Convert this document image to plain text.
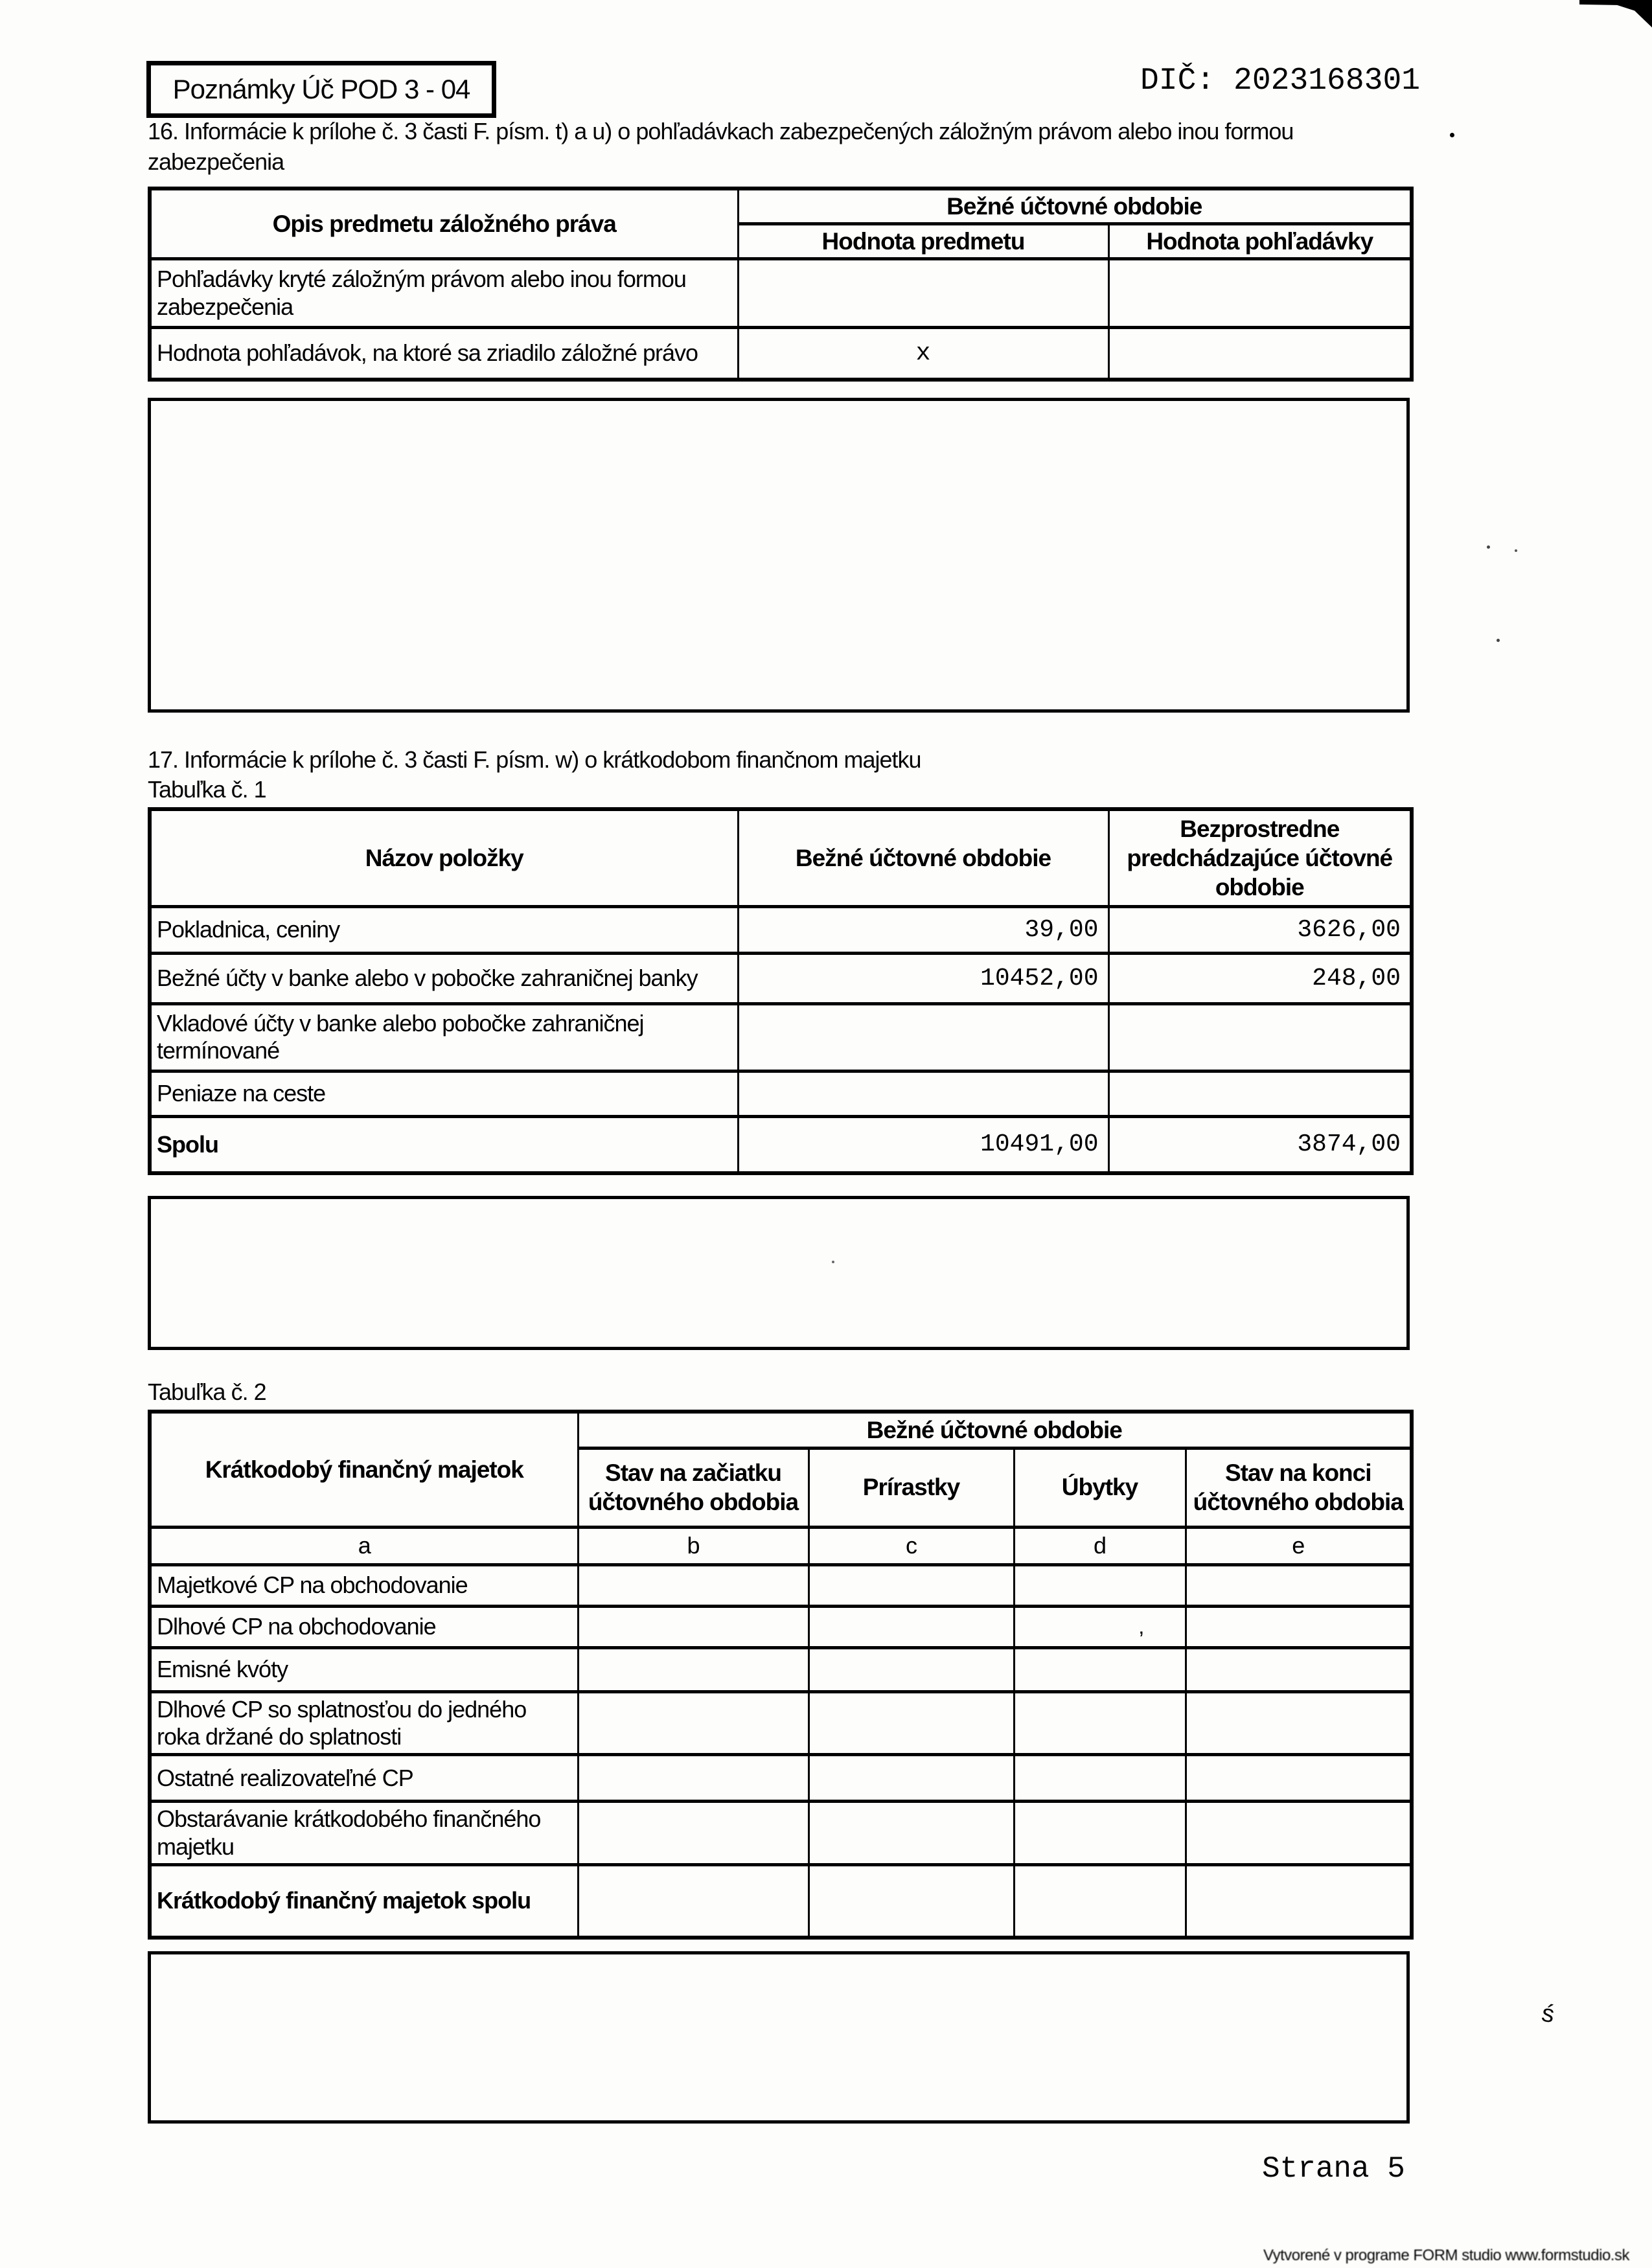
’
ś
Poznámky Úč POD 3 - 04	DIČ: 2023168301
16. Informácie k prílohe č. 3 časti F. písm. t) a u) o pohľadávkach zabezpečených záložným právom alebo inou formou zabezpečenia
Opis predmetu záložného práva	Bežné účtovné obdobie	
	Hodnota predmetu	Hodnota pohľadávky
Pohľadávky kryté záložným právom alebo inou formou zabezpečenia		
Hodnota pohľadávok, na ktoré sa zriadilo záložné právo	x	
17. Informácie k prílohe č. 3 časti F. písm. w) o krátkodobom finančnom majetku
Tabuľka č. 1
Názov položky	Bežné účtovné obdobie	Bezprostredne predchádzajúce účtovné obdobie
Pokladnica, ceniny	39,00	3626,00
Bežné účty v banke alebo v pobočke zahraničnej banky	10452,00	248,00
Vkladové účty v banke alebo pobočke zahraničnej termínované		
Peniaze na ceste		
Spolu	10491,00	3874,00
Tabuľka č. 2
Krátkodobý finančný majetok	Bežné účtovné obdobie			
	Stav na začiatku účtovného obdobia	Prírastky	Úbytky	Stav na konci účtovného obdobia
a	b	c	d	e
Majetkové CP na obchodovanie				
Dlhové CP na obchodovanie				
Emisné kvóty				
Dlhové CP so splatnosťou do jedného roka držané do splatnosti				
Ostatné realizovateľné CP				
Obstarávanie krátkodobého finančného majetku				
Krátkodobý finančný majetok spolu				
Strana 5
Vytvorené v programe FORM studio www.formstudio.sk
